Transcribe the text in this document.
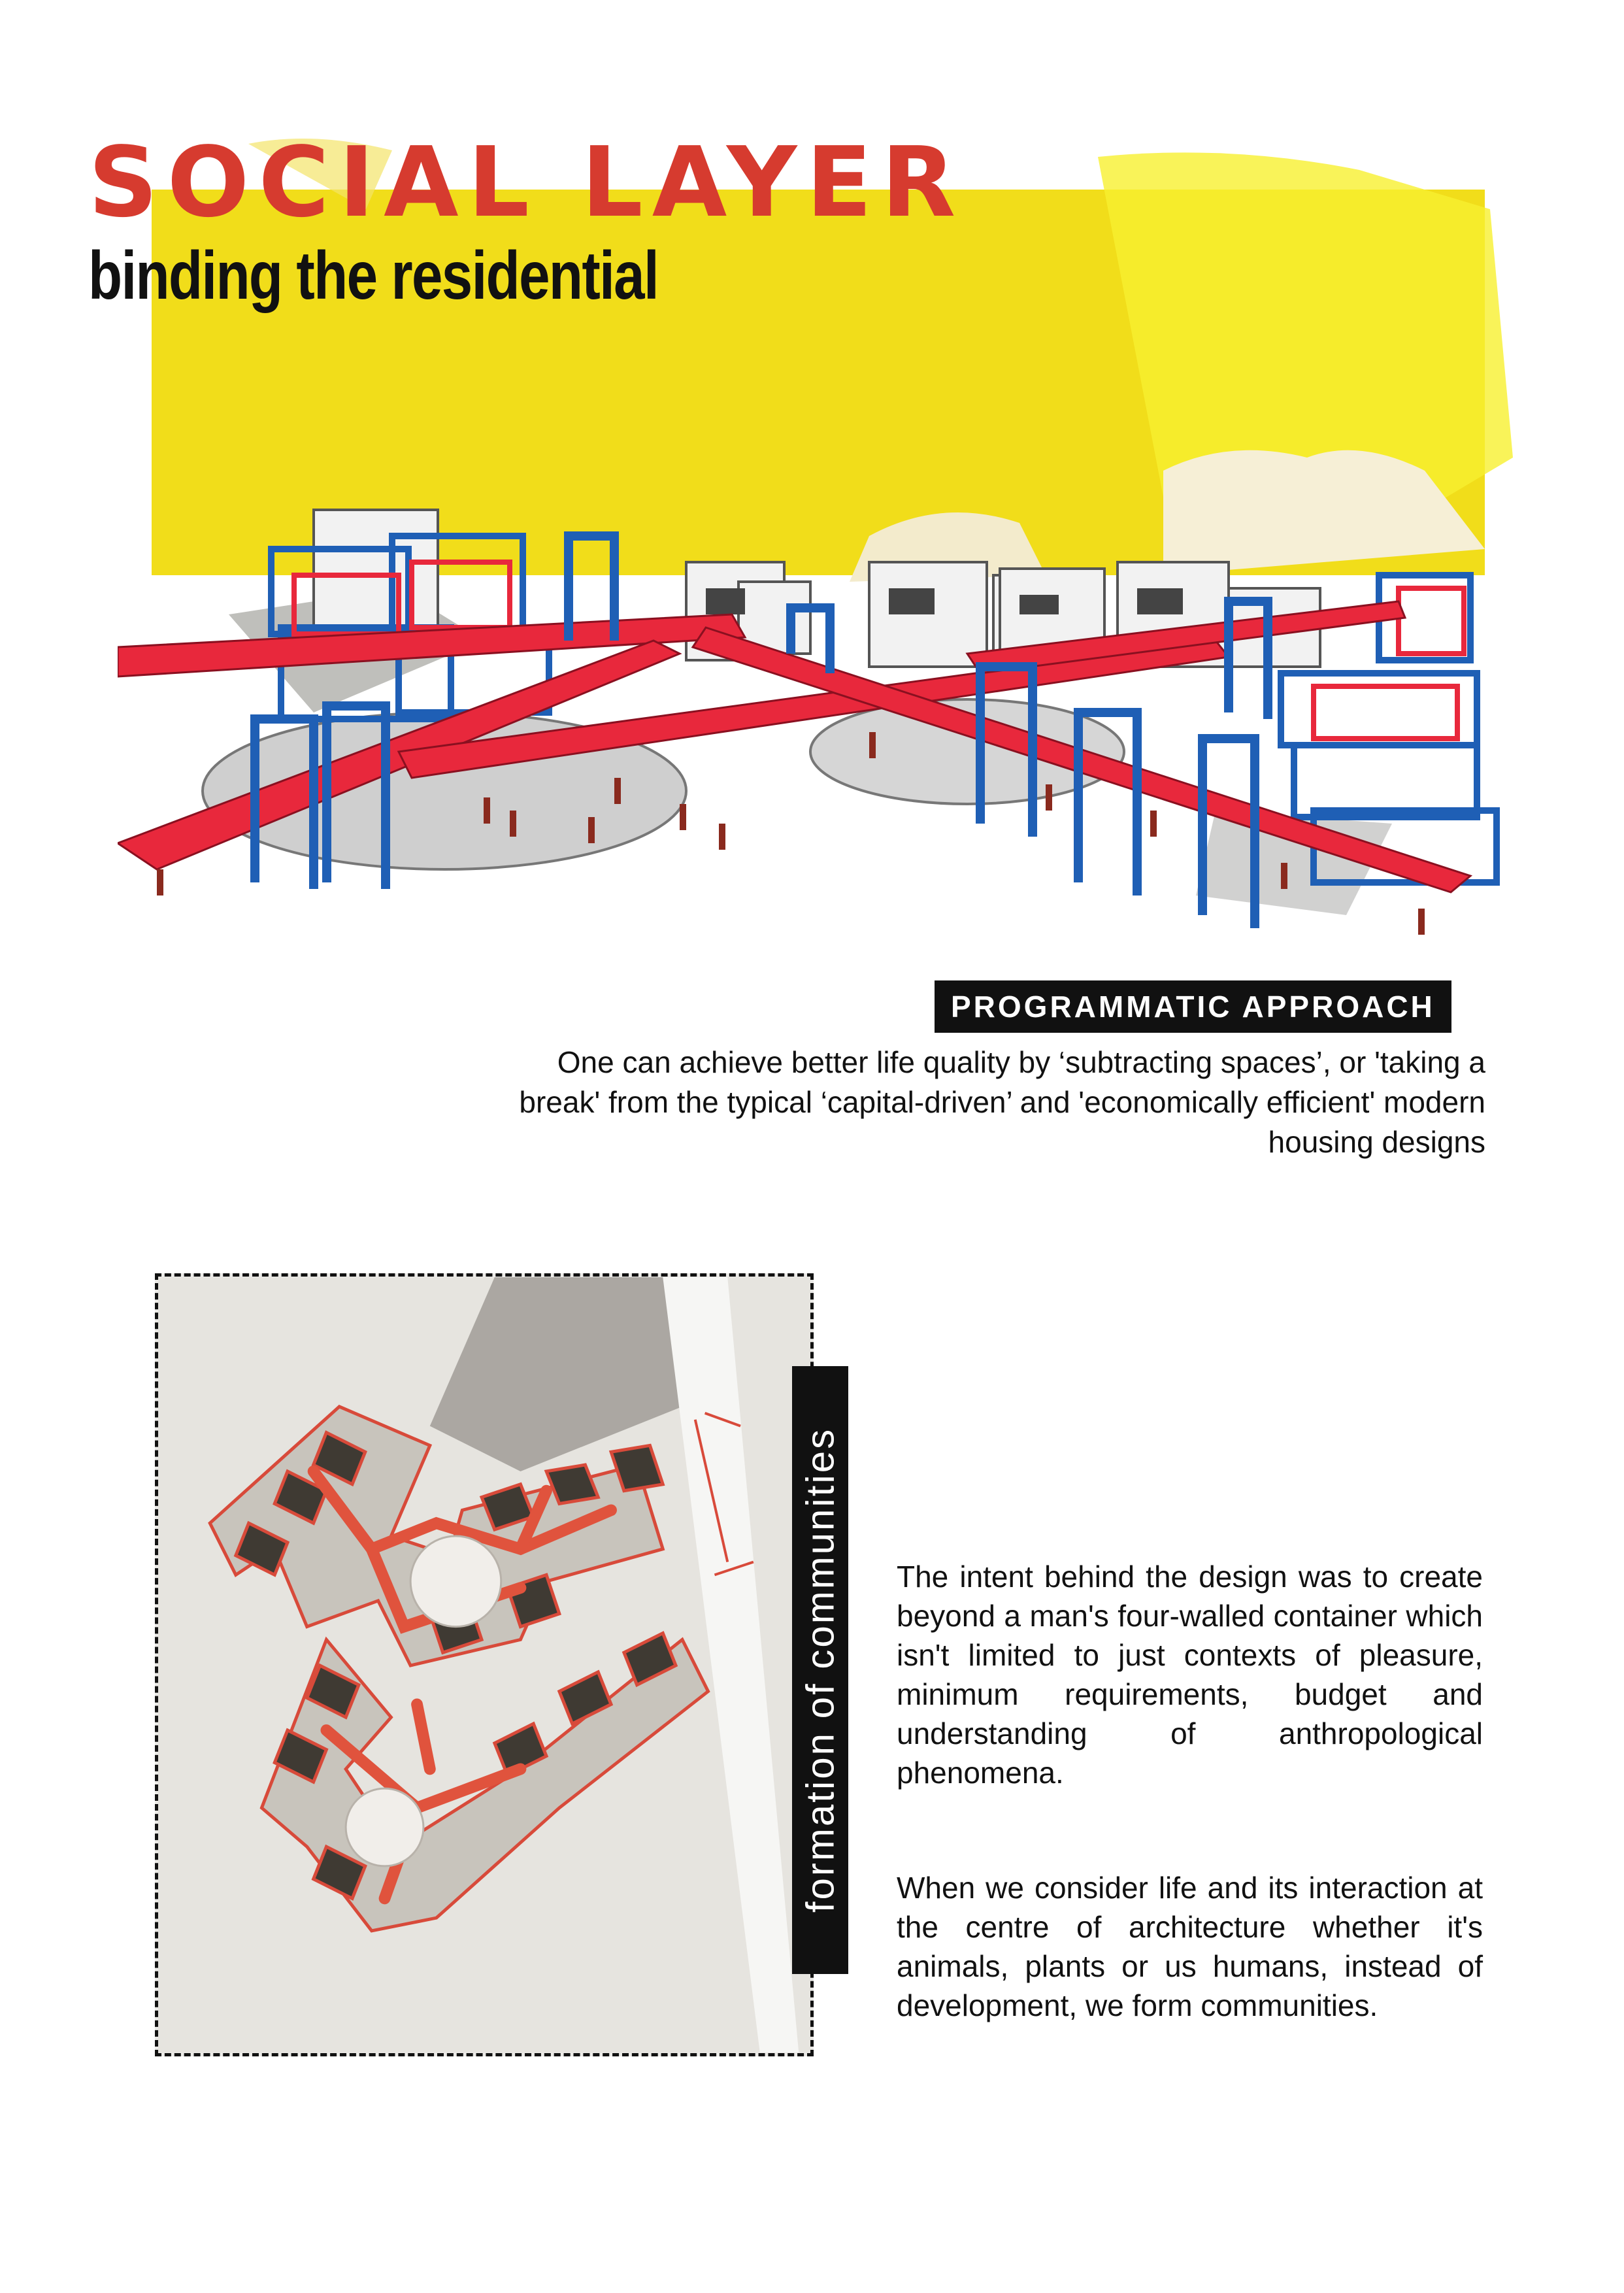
SOCIAL LAYER
binding the residential
PROGRAMMATIC APPROACH

One can achieve better life quality by ‘subtracting spaces’, or 'taking a break' from the typical ‘capital-driven’ and 'economically efficient' modern housing designs

formation of communities The intent behind the design was to create beyond a man's four-walled container which isn't limited to just contexts of pleasure, minimum requirements, budget and understanding of anthropological phenomena.

When we consider life and its interaction at the centre of architecture whether it's animals, plants or us humans, instead of development, we form communities.
